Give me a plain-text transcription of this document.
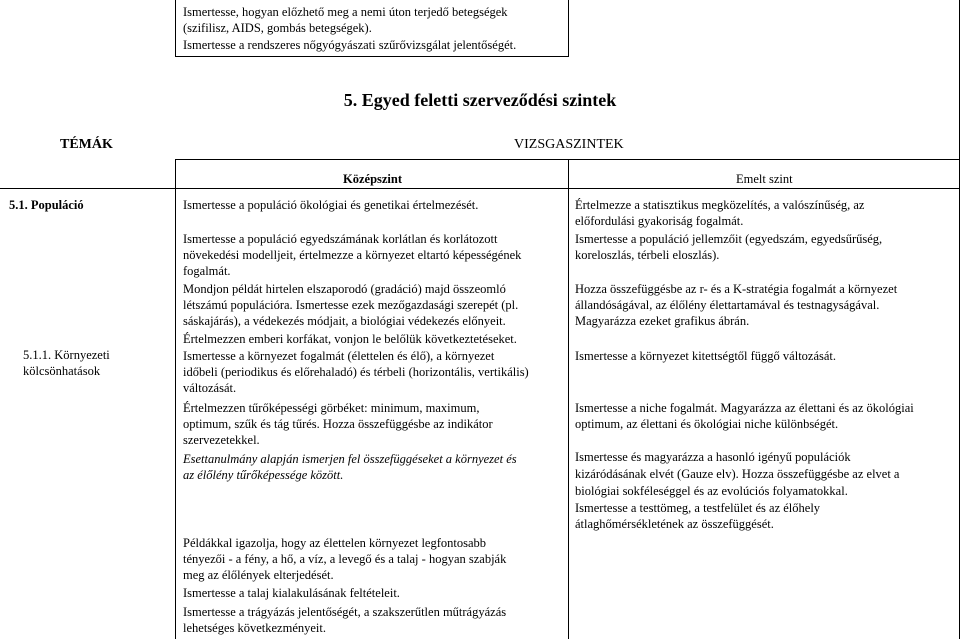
Ismertesse, hogyan előzhető meg a nemi úton terjedő betegségek
(szifilisz, AIDS, gombás betegségek).
Ismertesse a rendszeres nőgyógyászati szűrővizsgálat jelentőségét.
5. Egyed feletti szerveződési szintek
TÉMÁK	VIZSGASZINTEK
Középszint	Emelt szint
5.1. Populáció
5.1.1. Környezeti
kölcsönhatások
Ismertesse a populáció ökológiai és genetikai értelmezését.
Ismertesse a populáció egyedszámának korlátlan és korlátozott
növekedési modelljeit, értelmezze a környezet eltartó képességének
fogalmát.
Mondjon példát hirtelen elszaporodó (gradáció) majd összeomló
létszámú populációra. Ismertesse ezek mezőgazdasági szerepét (pl.
sáskajárás), a védekezés módjait, a biológiai védekezés előnyeit.
Értelmezzen emberi korfákat, vonjon le belőlük következtetéseket.
Ismertesse a környezet fogalmát (élettelen és élő), a környezet
időbeli (periodikus és előrehaladó) és térbeli (horizontális, vertikális)
változását.
Értelmezzen tűrőképességi görbéket: minimum, maximum,
optimum, szűk és tág tűrés. Hozza összefüggésbe az indikátor
szervezetekkel.
Esettanulmány alapján ismerjen fel összefüggéseket a környezet és
az élőlény tűrőképessége között.
Példákkal igazolja, hogy az élettelen környezet legfontosabb
tényezői - a fény, a hő, a víz, a levegő és a talaj - hogyan szabják
meg az élőlények elterjedését.
Ismertesse a talaj kialakulásának feltételeit.
Ismertesse a trágyázás jelentőségét, a szakszerűtlen műtrágyázás
lehetséges következményeit.
Értelmezze a statisztikus megközelítés, a valószínűség, az
előfordulási gyakoriság fogalmát.
Ismertesse a populáció jellemzőit (egyedszám, egyedsűrűség,
koreloszlás, térbeli eloszlás).
Hozza összefüggésbe az r- és a K-stratégia fogalmát a környezet
állandóságával, az élőlény élettartamával és testnagyságával.
Magyarázza ezeket grafikus ábrán.
Ismertesse a környezet kitettségtől függő változását.
Ismertesse a niche fogalmát. Magyarázza az élettani és az ökológiai
optimum, az élettani és ökológiai niche különbségét.
Ismertesse és magyarázza a hasonló igényű populációk
kizáródásának elvét (Gauze elv). Hozza összefüggésbe az elvet a
biológiai sokféleséggel és az evolúciós folyamatokkal.
Ismertesse a testtömeg, a testfelület és az élőhely
átlaghőmérsékletének az összefüggését.
